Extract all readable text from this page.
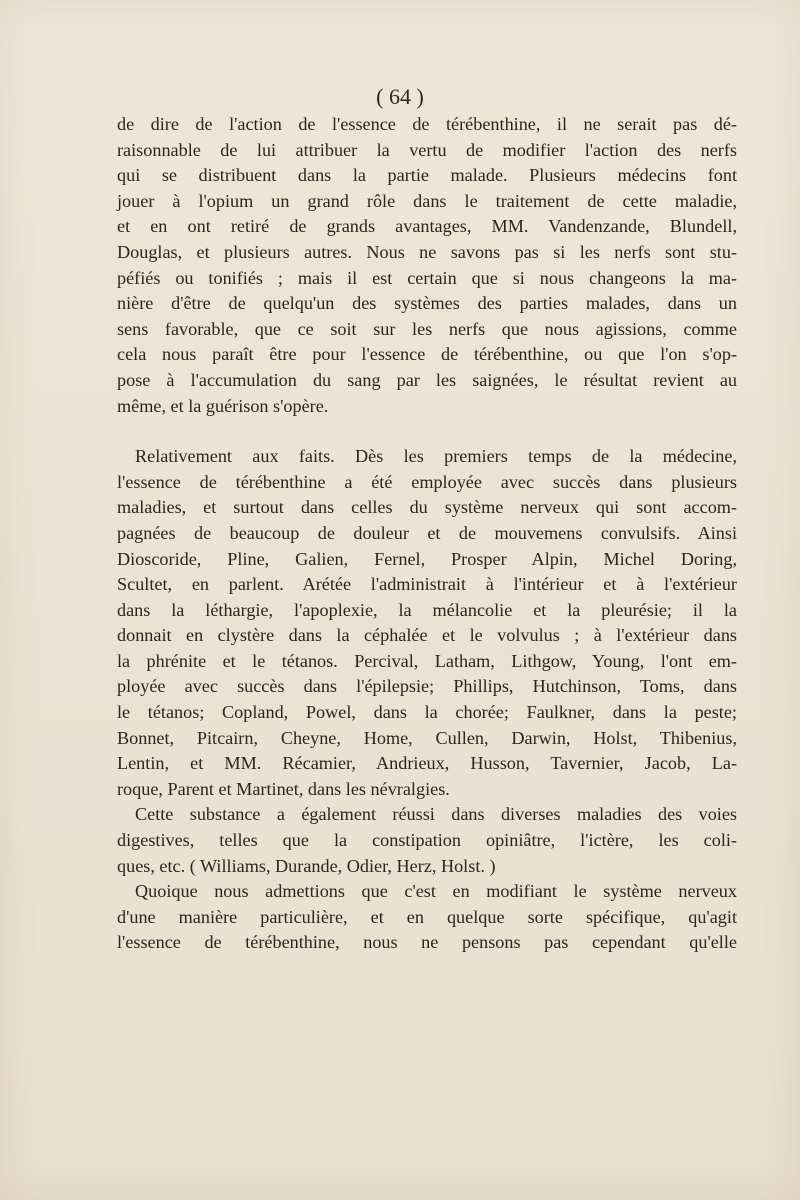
( 64 )

de dire de l'action de l'essence de térébenthine, il ne serait pas dé-
raisonnable de lui attribuer la vertu de modifier l'action des nerfs
qui se distribuent dans la partie malade. Plusieurs médecins font
jouer à l'opium un grand rôle dans le traitement de cette maladie,
et en ont retiré de grands avantages, MM. Vandenzande, Blundell,
Douglas, et plusieurs autres. Nous ne savons pas si les nerfs sont stu-
péfiés ou tonifiés ; mais il est certain que si nous changeons la ma-
nière d'être de quelqu'un des systèmes des parties malades, dans un
sens favorable, que ce soit sur les nerfs que nous agissions, comme
cela nous paraît être pour l'essence de térébenthine, ou que l'on s'op-
pose à l'accumulation du sang par les saignées, le résultat revient au
même, et la guérison s'opère.

Relativement aux faits. Dès les premiers temps de la médecine,
l'essence de térébenthine a été employée avec succès dans plusieurs
maladies, et surtout dans celles du système nerveux qui sont accom-
pagnées de beaucoup de douleur et de mouvemens convulsifs. Ainsi
Dioscoride, Pline, Galien, Fernel, Prosper Alpin, Michel Doring,
Scultet, en parlent. Arétée l'administrait à l'intérieur et à l'extérieur
dans la léthargie, l'apoplexie, la mélancolie et la pleurésie; il la
donnait en clystère dans la céphalée et le volvulus ; à l'extérieur dans
la phrénite et le tétanos. Percival, Latham, Lithgow, Young, l'ont em-
ployée avec succès dans l'épilepsie; Phillips, Hutchinson, Toms, dans
le tétanos; Copland, Powel, dans la chorée; Faulkner, dans la peste;
Bonnet, Pitcairn, Cheyne, Home, Cullen, Darwin, Holst, Thibenius,
Lentin, et MM. Récamier, Andrieux, Husson, Tavernier, Jacob, La-
roque, Parent et Martinet, dans les névralgies.

Cette substance a également réussi dans diverses maladies des voies
digestives, telles que la constipation opiniâtre, l'ictère, les coli-
ques, etc. ( Williams, Durande, Odier, Herz, Holst. )

Quoique nous admettions que c'est en modifiant le système nerveux
d'une manière particulière, et en quelque sorte spécifique, qu'agit
l'essence de térébenthine, nous ne pensons pas cependant qu'elle
